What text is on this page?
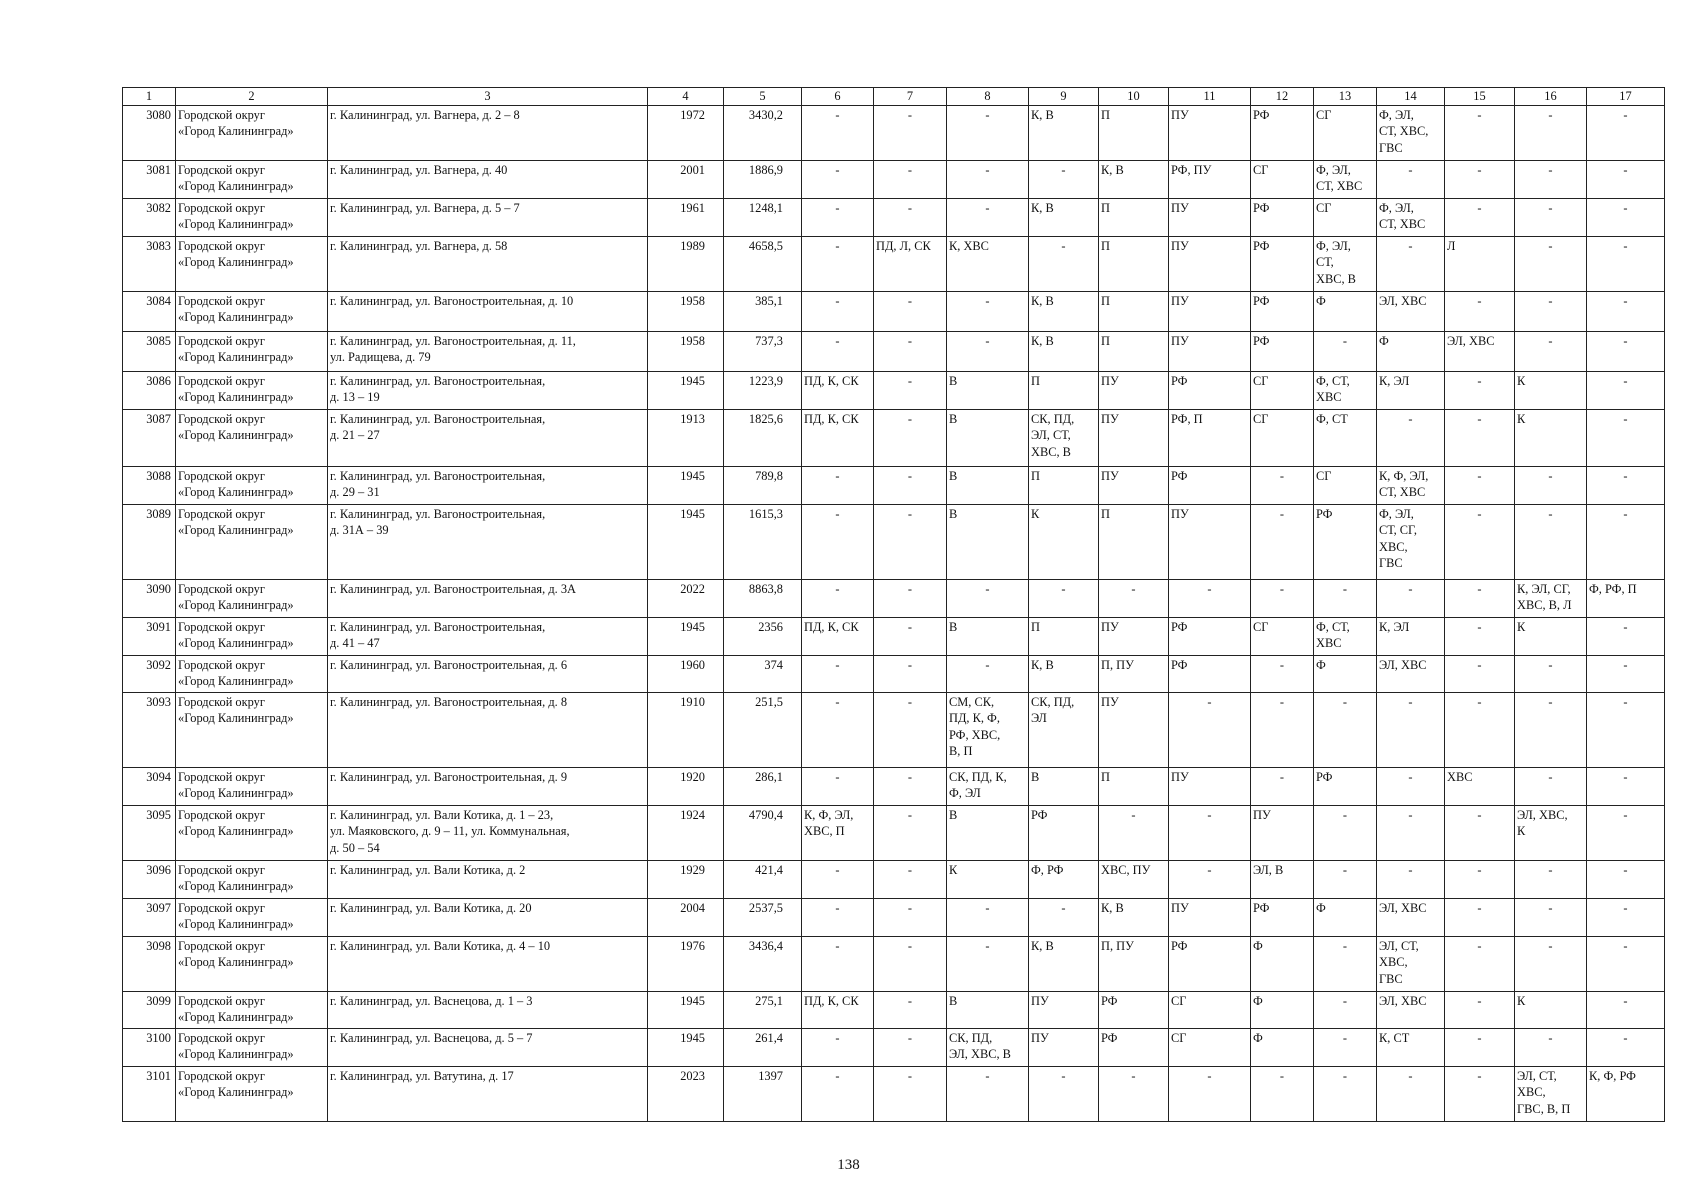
1	2	3	4	5	6	7	8	9	10	11	12	13	14	15	16	17

3080	Городской округ
«Город Калининград»	г. Калининград, ул. Вагнера, д. 2 – 8	1972	3430,2	-	-	-	К, В	П	ПУ	РФ	СГ	Ф, ЭЛ,
СТ, ХВС,
ГВС	-	-	-

3081	Городской округ
«Город Калининград»	г. Калининград, ул. Вагнера, д. 40	2001	1886,9	-	-	-	-	К, В	РФ, ПУ	СГ	Ф, ЭЛ,
СТ, ХВС	-	-	-	-

3082	Городской округ
«Город Калининград»	г. Калининград, ул. Вагнера, д. 5 – 7	1961	1248,1	-	-	-	К, В	П	ПУ	РФ	СГ	Ф, ЭЛ,
СТ, ХВС	-	-	-

3083	Городской округ
«Город Калининград»	г. Калининград, ул. Вагнера, д. 58	1989	4658,5	-	ПД, Л, СК	К, ХВС	-	П	ПУ	РФ	Ф, ЭЛ,
СТ,
ХВС, В	-	Л	-	-

3084	Городской округ
«Город Калининград»	г. Калининград, ул. Вагоностроительная, д. 10	1958	385,1	-	-	-	К, В	П	ПУ	РФ	Ф	ЭЛ, ХВС	-	-	-

3085	Городской округ
«Город Калининград»	г. Калининград, ул. Вагоностроительная, д. 11,
ул. Радищева, д. 79	1958	737,3	-	-	-	К, В	П	ПУ	РФ	-	Ф	ЭЛ, ХВС	-	-

3086	Городской округ
«Город Калининград»	г. Калининград, ул. Вагоностроительная,
д. 13 – 19	1945	1223,9	ПД, К, СК	-	В	П	ПУ	РФ	СГ	Ф, СТ,
ХВС	К, ЭЛ	-	К	-

3087	Городской округ
«Город Калининград»	г. Калининград, ул. Вагоностроительная,
д. 21 – 27	1913	1825,6	ПД, К, СК	-	В	СК, ПД,
ЭЛ, СТ,
ХВС, В	ПУ	РФ, П	СГ	Ф, СТ	-	-	К	-

3088	Городской округ
«Город Калининград»	г. Калининград, ул. Вагоностроительная,
д. 29 – 31	1945	789,8	-	-	В	П	ПУ	РФ	-	СГ	К, Ф, ЭЛ,
СТ, ХВС	-	-	-

3089	Городской округ
«Город Калининград»	г. Калининград, ул. Вагоностроительная,
д. 31А – 39	1945	1615,3	-	-	В	К	П	ПУ	-	РФ	Ф, ЭЛ,
СТ, СГ,
ХВС,
ГВС	-	-	-

3090	Городской округ
«Город Калининград»	г. Калининград, ул. Вагоностроительная, д. 3А	2022	8863,8	-	-	-	-	-	-	-	-	-	-	К, ЭЛ, СГ,
ХВС, В, Л	Ф, РФ, П

3091	Городской округ
«Город Калининград»	г. Калининград, ул. Вагоностроительная,
д. 41 – 47	1945	2356	ПД, К, СК	-	В	П	ПУ	РФ	СГ	Ф, СТ,
ХВС	К, ЭЛ	-	К	-

3092	Городской округ
«Город Калининград»	г. Калининград, ул. Вагоностроительная, д. 6	1960	374	-	-	-	К, В	П, ПУ	РФ	-	Ф	ЭЛ, ХВС	-	-	-

3093	Городской округ
«Город Калининград»	г. Калининград, ул. Вагоностроительная, д. 8	1910	251,5	-	-	СМ, СК,
ПД, К, Ф,
РФ, ХВС,
В, П	СК, ПД,
ЭЛ	ПУ	-	-	-	-	-	-	-

3094	Городской округ
«Город Калининград»	г. Калининград, ул. Вагоностроительная, д. 9	1920	286,1	-	-	СК, ПД, К,
Ф, ЭЛ	В	П	ПУ	-	РФ	-	ХВС	-	-

3095	Городской округ
«Город Калининград»	г. Калининград, ул. Вали Котика, д. 1 – 23,
ул. Маяковского, д. 9 – 11, ул. Коммунальная,
д. 50 – 54	1924	4790,4	К, Ф, ЭЛ,
ХВС, П	-	В	РФ	-	-	ПУ	-	-	-	ЭЛ, ХВС,
К	-

3096	Городской округ
«Город Калининград»	г. Калининград, ул. Вали Котика, д. 2	1929	421,4	-	-	К	Ф, РФ	ХВС, ПУ	-	ЭЛ, В	-	-	-	-	-

3097	Городской округ
«Город Калининград»	г. Калининград, ул. Вали Котика, д. 20	2004	2537,5	-	-	-	-	К, В	ПУ	РФ	Ф	ЭЛ, ХВС	-	-	-

3098	Городской округ
«Город Калининград»	г. Калининград, ул. Вали Котика, д. 4 – 10	1976	3436,4	-	-	-	К, В	П, ПУ	РФ	Ф	-	ЭЛ, СТ,
ХВС,
ГВС	-	-	-

3099	Городской округ
«Город Калининград»	г. Калининград, ул. Васнецова, д. 1 – 3	1945	275,1	ПД, К, СК	-	В	ПУ	РФ	СГ	Ф	-	ЭЛ, ХВС	-	К	-

3100	Городской округ
«Город Калининград»	г. Калининград, ул. Васнецова, д. 5 – 7	1945	261,4	-	-	СК, ПД,
ЭЛ, ХВС, В	ПУ	РФ	СГ	Ф	-	К, СТ	-	-	-

3101	Городской округ
«Город Калининград»	г. Калининград, ул. Ватутина, д. 17	2023	1397	-	-	-	-	-	-	-	-	-	-	ЭЛ, СТ,
ХВС,
ГВС, В, П	К, Ф, РФ
138
